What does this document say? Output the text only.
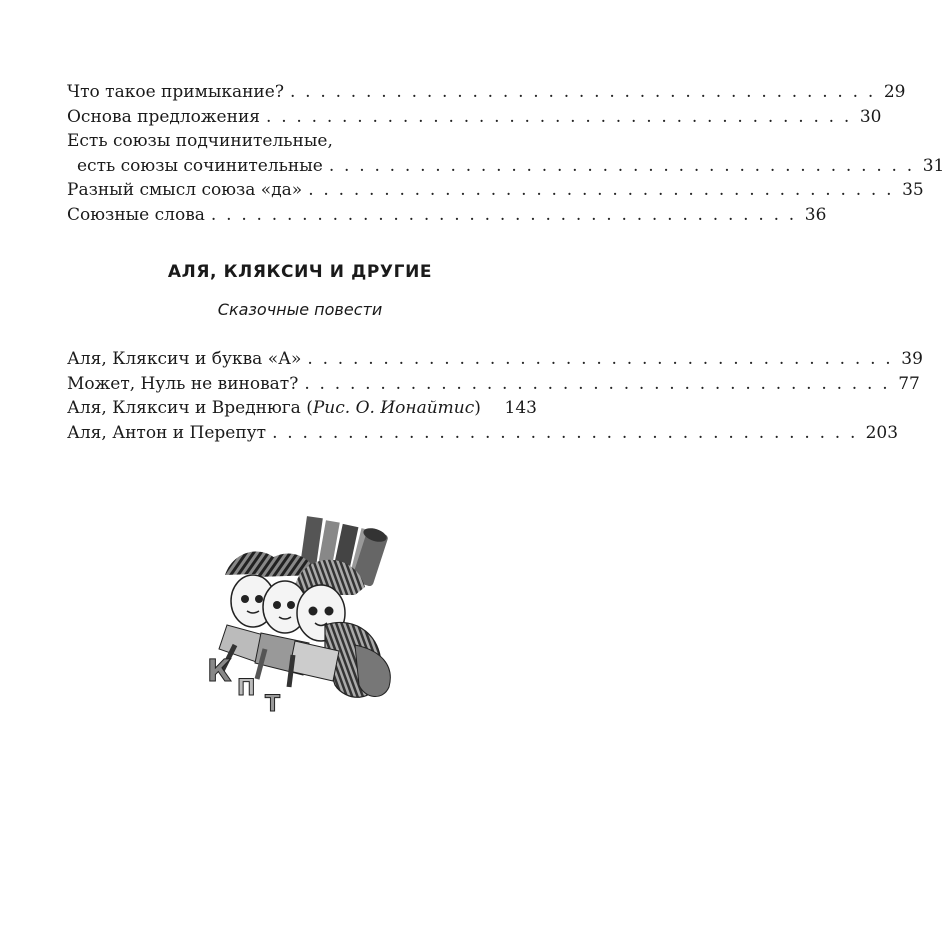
Что такое примыкание? . . . . . . . . . . . . . . . . . . . . . . . . . . . . . . . . . . . . . . . 29
Основа предложения . . . . . . . . . . . . . . . . . . . . . . . . . . . . . . . . . . . . . . . 30
Есть союзы подчинительные,
есть союзы сочинительные . . . . . . . . . . . . . . . . . . . . . . . . . . . . . . . . . . . . . . . 31
Разный смысл союза «да» . . . . . . . . . . . . . . . . . . . . . . . . . . . . . . . . . . . . . . . 35
Союзные слова . . . . . . . . . . . . . . . . . . . . . . . . . . . . . . . . . . . . . . . 36
АЛЯ, КЛЯКСИЧ И ДРУГИЕ
Сказочные повести
Аля, Кляксич и буква «А» . . . . . . . . . . . . . . . . . . . . . . . . . . . . . . . . . . . . . . . 39
Может, Нуль не виноват? . . . . . . . . . . . . . . . . . . . . . . . . . . . . . . . . . . . . . . . 77
Аля, Кляксич и Вреднюга (Рис. О. Ионайтис)	143
Аля, Антон и Перепут . . . . . . . . . . . . . . . . . . . . . . . . . . . . . . . . . . . . . . . 203
К П
Т
